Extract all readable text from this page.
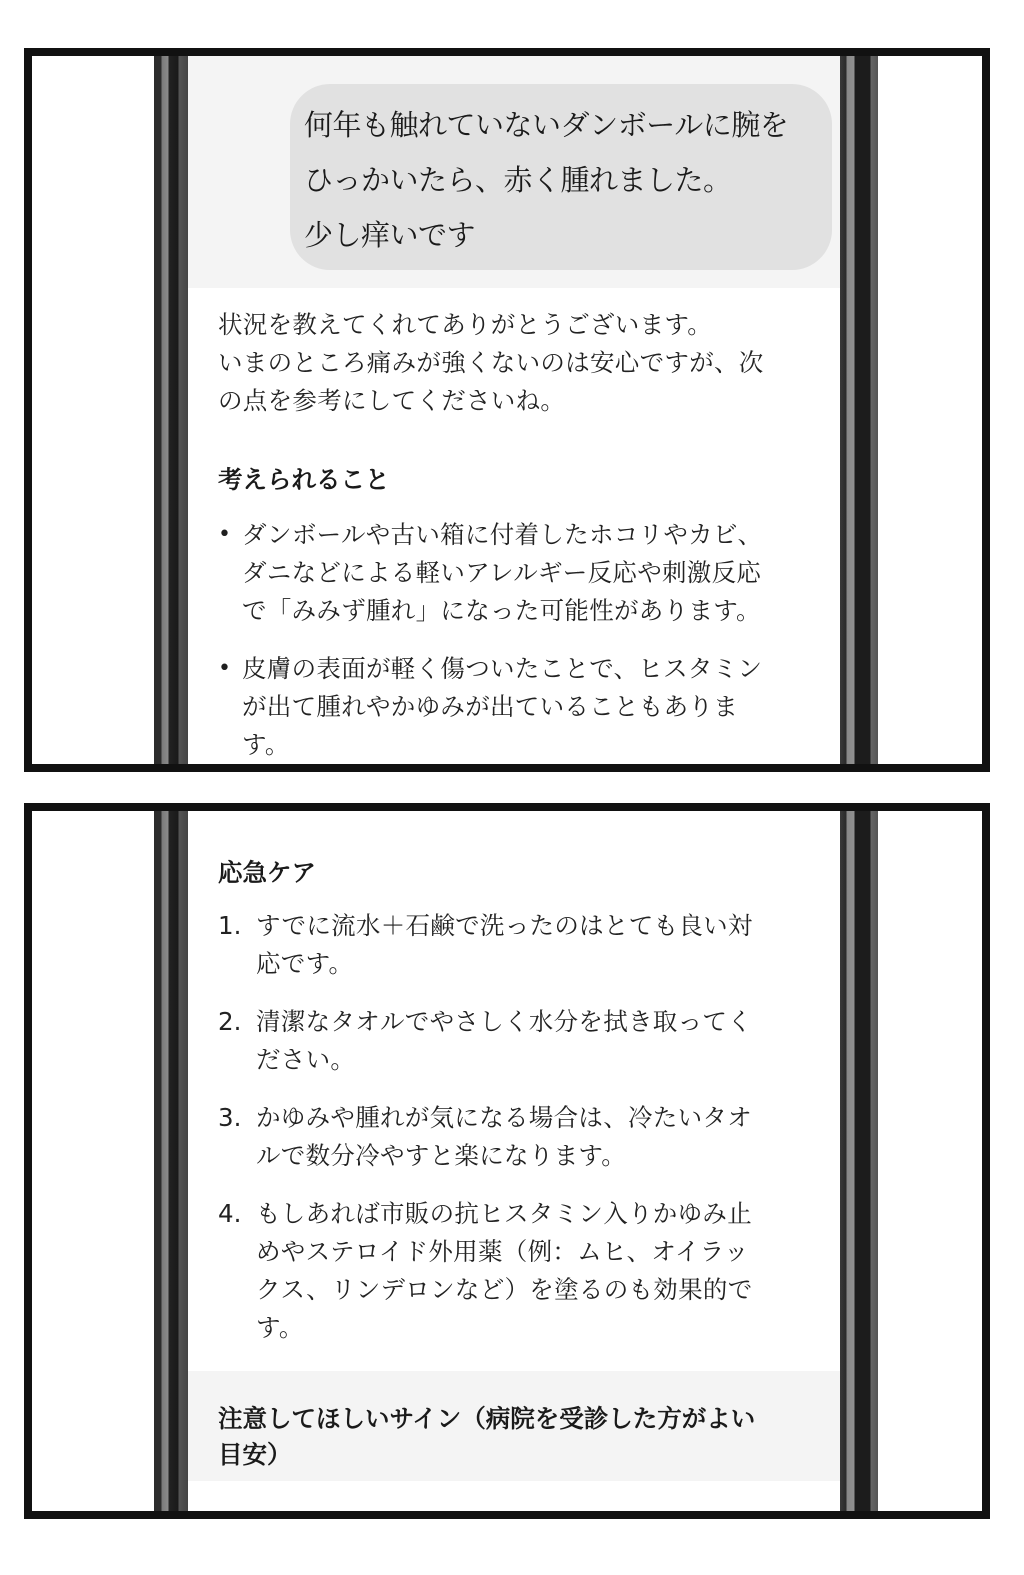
何年も触れていないダンボールに腕を
ひっかいたら、赤く腫れました。
少し痒いです
状況を教えてくれてありがとうございます。
いまのところ痛みが強くないのは安心ですが、次
の点を参考にしてくださいね。
考えられること
• ダンボールや古い箱に付着したホコリやカビ、
ダニなどによる軽いアレルギー反応や刺激反応
で「みみず腫れ」になった可能性があります。
• 皮膚の表面が軽く傷ついたことで、ヒスタミン
が出て腫れやかゆみが出ていることもありま
す。
応急ケア
1. すでに流水＋石鹸で洗ったのはとても良い対
応です。
2. 清潔なタオルでやさしく水分を拭き取ってく
ださい。
3. かゆみや腫れが気になる場合は、冷たいタオ
ルで数分冷やすと楽になります。
4. もしあれば市販の抗ヒスタミン入りかゆみ止
めやステロイド外用薬（例：ムヒ、オイラッ
クス、リンデロンなど）を塗るのも効果的で
す。
注意してほしいサイン（病院を受診した方がよい
目安）
